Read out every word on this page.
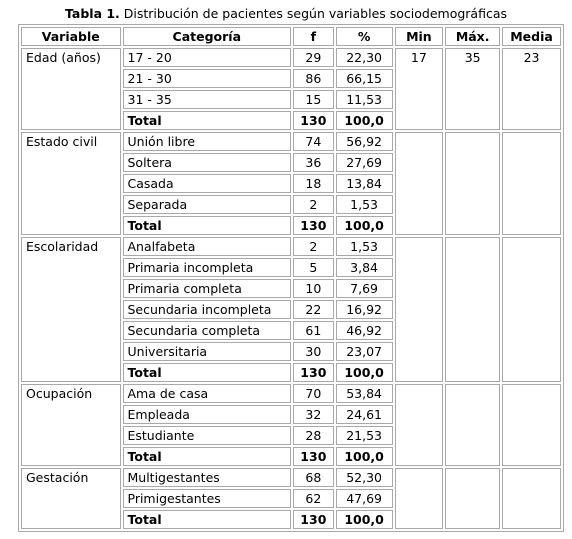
Tabla 1. Distribución de pacientes según variables sociodemográficas
Variable	Categoría	f	%	Min	Máx.	Media
Edad (años)	17 - 20	29	22,30	17	35	23
	21 - 30	86	66,15			
	31 - 35	15	11,53			
	Total	130	100,0			
Estado civil	Unión libre	74	56,92			
	Soltera	36	27,69			
	Casada	18	13,84			
	Separada	2	1,53			
	Total	130	100,0			
Escolaridad	Analfabeta	2	1,53			
	Primaria incompleta	5	3,84			
	Primaria completa	10	7,69			
	Secundaria incompleta	22	16,92			
	Secundaria completa	61	46,92			
	Universitaria	30	23,07			
	Total	130	100,0			
Ocupación	Ama de casa	70	53,84			
	Empleada	32	24,61			
	Estudiante	28	21,53			
	Total	130	100,0			
Gestación	Multigestantes	68	52,30			
	Primigestantes	62	47,69			
	Total	130	100,0			
